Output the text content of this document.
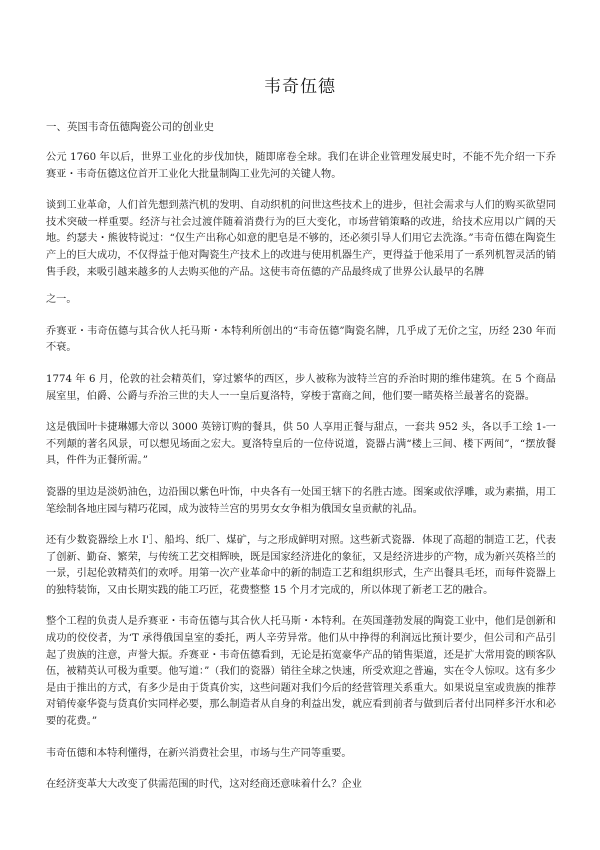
韦奇伍德
一、英国韦奇伍德陶瓷公司的创业史

公元 1760 年以后，世界工业化的步伐加快，随即席卷全球。我们在讲企业管理发展史时，不能不先介绍一下乔赛亚・韦奇伍德这位首开工业化大批量制陶工业先河的关键人物。

谈到工业革命，人们首先想到蒸汽机的发明、自动织机的问世这些技术上的进步，但社会需求与人们的购买欲望同技术突破一样重要。经济与社会过渡伴随着消费行为的巨大变化，市场营销策略的改进，给技术应用以广阔的天地。约瑟夫・熊彼特说过：“仅生产出称心如意的肥皂是不够的，还必须引导人们用它去洗涤。”韦奇伍德在陶瓷生产上的巨大成功，不仅得益于他对陶瓷生产技术上的改进与使用机器生产，更得益于他采用了一系列机智灵活的销售手段，来吸引越来越多的人去购买他的产品。这使韦奇伍德的产品最终成了世界公认最早的名牌

之一。

乔赛亚・韦奇伍德与其合伙人托马斯・本特利所创出的“韦奇伍德”陶瓷名牌，几乎成了无价之宝，历经 230 年而不衰。

1774 年 6 月，伦敦的社会精英们，穿过繁华的西区，步人被称为波特兰宫的乔治时期的维伟建筑。在 5 个商品展室里，伯爵、公爵与乔治三世的夫人一一皇后夏洛特，穿梭于富商之间，他们要一睹英格兰最著名的瓷器。

这是俄国叶卡捷琳娜大帝以 3000 英镑订购的餐具，供 50 人享用正餐与甜点，一套共 952 头，各以手工绘 1-一不列颠的著名风景，可以想见场面之宏大。夏洛特皇后的一位侍说道，瓷器占满“楼上三间、楼下两间”，“摆放餐具，件件为正餐所需。”

瓷器的里边是淡奶油色，边沿围以紫色叶饰，中央各有一处国王辖下的名胜古迹。图案或依浮雕，或为素描，用工笔绘制各地庄园与精巧花园，成为波特兰宫的男男女女争相为俄国女皇贡献的礼品。

还有少数瓷器绘上水 I'］、船坞、纸厂、煤矿，与之形成鲜明对照。这些新式瓷器．体现了高超的制造工艺，代表了创新、勤奋、繁荣，与传统工艺交相辉映，既是国家经济进化的象征，又是经济进步的产物，成为新兴英格兰的一景，引起伦敦精英们的欢呼。用第一次产业革命中的新的制造工艺和组织形式，生产出餐具毛坯，而每件瓷器上的独特装饰，又由长期实践的能工巧匠，花费整整 15 个月才完成的，所以体现了新老工艺的融合。

整个工程的负责人是乔赛亚・韦奇伍德与其合伙人托马斯・本特利。在英国蓬勃发展的陶瓷工业中，他们是创新和成功的佼佼者，为‘T 承得俄国皇室的委托，两人辛劳异常。他们从中挣得的利润远比预计要少，但公司和产品引起了贵族的注意，声誉大振。乔赛亚・韦奇伍德看到，无论是拓宽豪华产品的销售渠道，还是扩大常用瓷的顾客队伍，被精英认可极为重要。他写道：”（我们的瓷器）销往全球之快速，所受欢迎之普遍，实在令人惊叹。这有多少是由于推出的方式，有多少是由于货真价实，这些问题对我们今后的经营管理关系重大。如果说皇室或贵族的推荐对销传豪华瓷与货真价实同样必要，那么制造者从自身的利益出发，就应看到前者与做到后者付出同样多汗水和必要的花费。”

韦奇伍德和本特利懂得，在新兴消费社会里，市场与生产同等重要。

在经济变革大大改变了供需范围的时代，这对经商还意味着什么？企业
